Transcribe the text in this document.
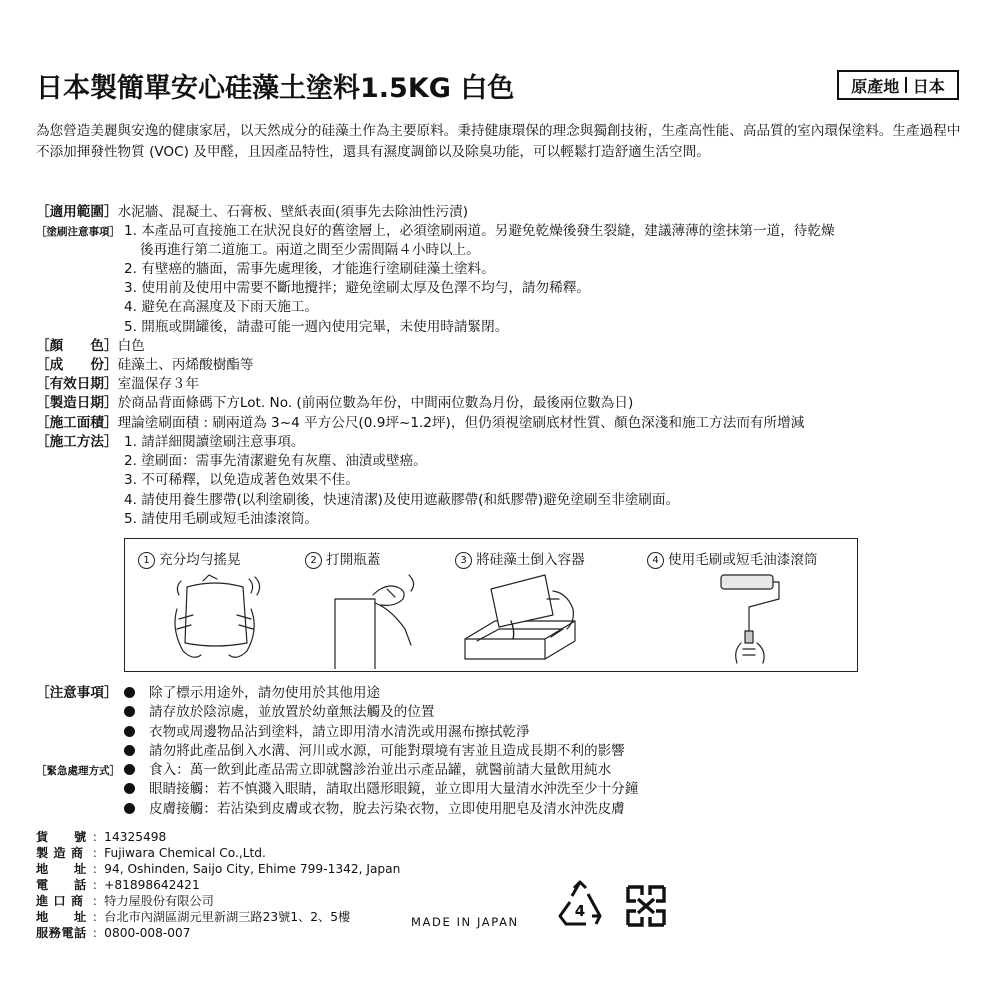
日本製簡單安心硅藻土塗料1.5KG 白色	原產地 日本
為您營造美麗與安逸的健康家居，以天然成分的硅藻土作為主要原料。秉持健康環保的理念與獨創技術，生產高性能、高品質的室內環保塗料。生產過程中不添加揮發性物質 (VOC) 及甲醛，且因產品特性，還具有濕度調節以及除臭功能，可以輕鬆打造舒適生活空間。
［適用範圍］水泥牆、混凝土、石膏板、壁紙表面(須事先去除油性污漬)
［塗刷注意事項］ 1. 本產品可直接施工在狀況良好的舊塗層上，必須塗刷兩道。另避免乾燥後發生裂縫，建議薄薄的塗抹第一道，待乾燥
後再進行第二道施工。兩道之間至少需間隔４小時以上。
2. 有壁癌的牆面，需事先處理後，才能進行塗刷硅藻土塗料。
3. 使用前及使用中需要不斷地攪拌；避免塗刷太厚及色澤不均勻，請勿稀釋。
4. 避免在高濕度及下雨天施工。
5. 開瓶或開罐後，請盡可能一週內使用完畢，未使用時請緊閉。
［顏　　色］白色
［成　　份］硅藻土、丙烯酸樹酯等
［有效日期］室溫保存３年
［製造日期］於商品背面條碼下方Lot. No. (前兩位數為年份，中間兩位數為月份，最後兩位數為日)
［施工面積］理論塗刷面積 : 刷兩道為 3~4 平方公尺(0.9坪~1.2坪)，但仍須視塗刷底材性質、顏色深淺和施工方法而有所增減
［施工方法］ 1. 請詳細閱讀塗刷注意事項。
2. 塗刷面：需事先清潔避免有灰塵、油漬或壁癌。
3. 不可稀釋，以免造成著色效果不佳。
4. 請使用養生膠帶(以利塗刷後，快速清潔)及使用遮蔽膠帶(和紙膠帶)避免塗刷至非塗刷面。
5. 請使用毛刷或短毛油漆滾筒。
1 充分均勻搖晃	2 打開瓶蓋	3 將硅藻土倒入容器	4 使用毛刷或短毛油漆滾筒
［注意事項］	除了標示用途外，請勿使用於其他用途
請存放於陰涼處，並放置於幼童無法觸及的位置
衣物或周邊物品沾到塗料，請立即用清水清洗或用濕布擦拭乾淨
請勿將此產品倒入水溝、河川或水源，可能對環境有害並且造成長期不利的影響
［緊急處理方式］	食入：萬一飲到此產品需立即就醫診治並出示產品罐，就醫前請大量飲用純水
眼睛接觸：若不慎濺入眼睛，請取出隱形眼鏡，並立即用大量清水沖洗至少十分鐘
皮膚接觸：若沾染到皮膚或衣物，脫去污染衣物，立即使用肥皂及清水沖洗皮膚
貨　　號 ：14325498
製 造 商 ：Fujiwara Chemical Co.,Ltd.
地　　址 ：94, Oshinden, Saijo City, Ehime 799-1342, Japan
電　　話 ：+81898642421
進 口 商 ：特力屋股份有限公司
地　　址 ：台北市內湖區湖元里新湖三路23號1、2、5樓
服務電話 ：0800-008-007
MADE IN JAPAN
4
